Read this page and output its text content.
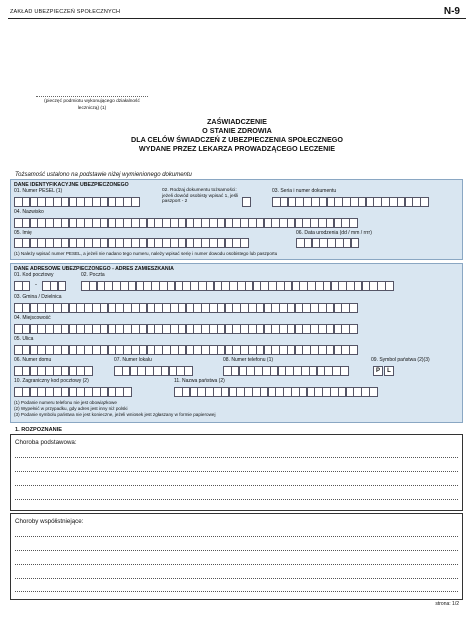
ZAKŁAD UBEZPIECZEŃ SPOŁECZNYCH	N-9
(pieczęć podmiotu wykonującego działalność leczniczą) (1)
ZAŚWIADCZENIE
O STANIE ZDROWIA
DLA CELÓW ŚWIADCZEŃ Z UBEZPIECZENIA SPOŁECZNEGO
WYDANE PRZEZ LEKARZA PROWADZĄCEGO LECZENIE
Tożsamość ustalono na podstawie niżej wymienionego dokumentu
DANE IDENTYFIKACYJNE UBEZPIECZONEGO
01. Numer PESEL (1)	02. Rodzaj dokumentu tożsamości: jeżeli dowód osobisty wpisać 1, jeśli paszport - 2
03. Seria i numer dokumentu
04. Nazwisko
05. Imię	06. Data urodzenia (dd / mm / rrrr)
(1) Należy wpisać numer PESEL, a jeżeli nie nadano tego numeru, należy wpisać serię i numer dowodu osobistego lub paszportu
DANE ADRESOWE UBEZPIECZONEGO - ADRES ZAMIESZKANIA
01. Kod pocztowy
-
02. Poczta
03. Gmina / Dzielnica
04. Miejscowość
05. Ulica
06. Numer domu	07. Numer lokalu	08. Numer telefonu (1)	09. Symbol państwa (2)(3)
P	L
10. Zagraniczny kod pocztowy (2)	11. Nazwa państwa (2)
(1) Podanie numeru telefonu nie jest obowiązkowe
(2) Wypełnić w przypadku, gdy adres jest inny niż polski
(3) Podanie symbolu państwa nie jest konieczne, jeżeli wniosek jest zgłaszany w formie papierowej
1. ROZPOZNANIE
Choroba podstawowa:
Choroby współistniejące:
strona: 1/2
